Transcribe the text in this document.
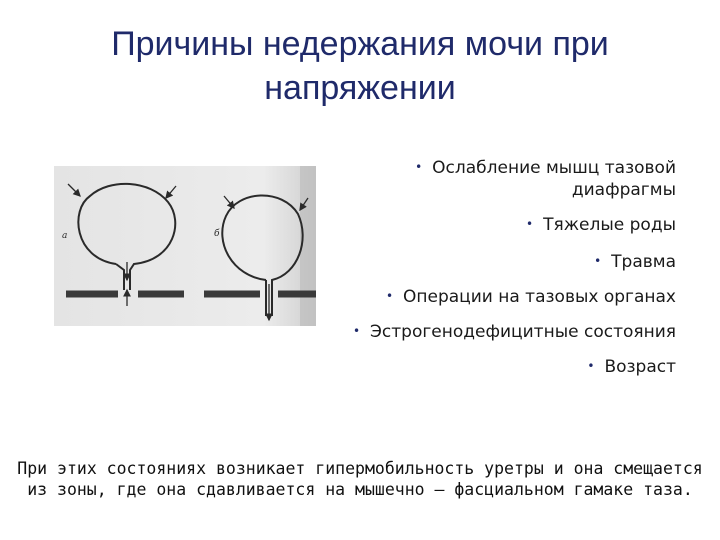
Причины недержания мочи при
напряжении
а	б
• Ослабление мышц тазовой диафрагмы
• Тяжелые роды
• Травма
• Операции на тазовых органах
• Эстрогенодефицитные состояния
• Возраст
При этих состояниях возникает гипермобильность уретры и она смещается из зоны, где она сдавливается на мышечно – фасциальном гамаке таза.
